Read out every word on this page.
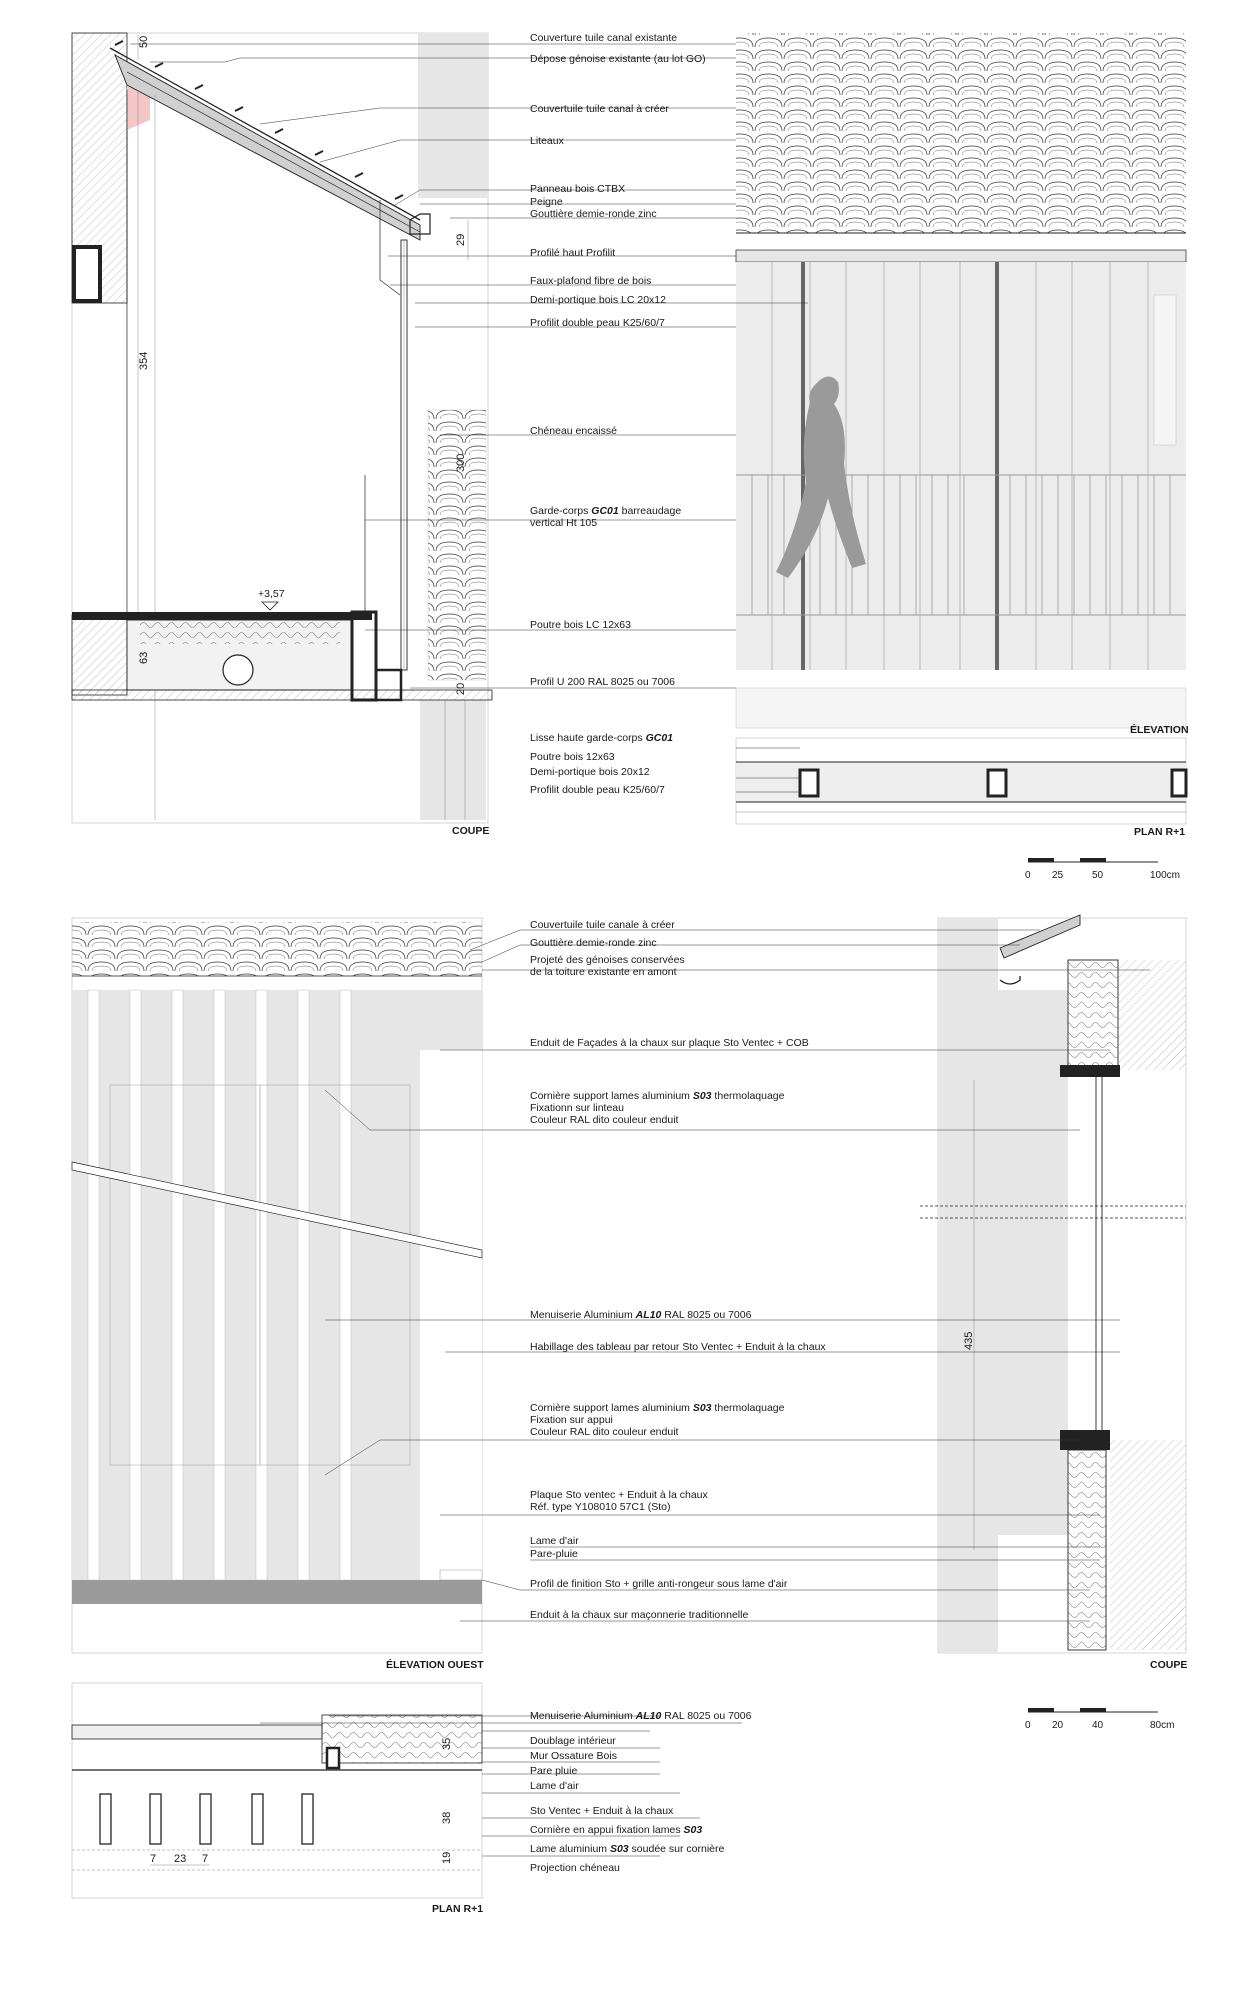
+3,57
50
354
29
300
63
20
COUPE
ÉLEVATION
PLAN R+1
0 25	50	100cm
Couverture tuile canal existante
Dépose génoise existante (au lot GO)
Couvertuile tuile canal à créer
Liteaux
Panneau bois CTBX
Peigne
Gouttière demie-ronde zinc
Profilé haut Profilit
Faux-plafond fibre de bois
Demi-portique bois LC 20x12
Profilit double peau K25/60/7
Chéneau encaissé
Garde-corps GC01 barreaudage
vertical Ht 105
Poutre bois LC 12x63
Profil U 200 RAL 8025 ou 7006
Lisse haute garde-corps GC01
Poutre bois 12x63
Demi-portique bois 20x12
Profilit double peau K25/60/7
ÉLEVATION OUEST
435
COUPE
0 20	40	80cm
35
38
19
7 23 7
PLAN R+1
Couvertuile tuile canale à créer
Gouttière demie-ronde zinc
Projeté des génoises conservées
de la toiture existante en amont
Enduit de Façades à la chaux sur plaque Sto Ventec + COB
Cornière support lames aluminium S03 thermolaquage
Fixationn sur linteau
Couleur RAL dito couleur enduit
Menuiserie Aluminium AL10 RAL 8025 ou 7006
Habillage des tableau par retour Sto Ventec + Enduit à la chaux
Cornière support lames aluminium S03 thermolaquage
Fixation sur appui
Couleur RAL dito couleur enduit
Plaque Sto ventec + Enduit à la chaux
Réf. type Y108010 57C1 (Sto)
Lame d'air
Pare-pluie
Profil de finition Sto + grille anti-rongeur sous lame d'air
Enduit à la chaux sur maçonnerie traditionnelle
Menuiserie Aluminium AL10 RAL 8025 ou 7006
Doublage intérieur
Mur Ossature Bois
Pare pluie
Lame d'air
Sto Ventec + Enduit à la chaux
Cornière en appui fixation lames S03
Lame aluminium S03 soudée sur cornière
Projection chéneau
